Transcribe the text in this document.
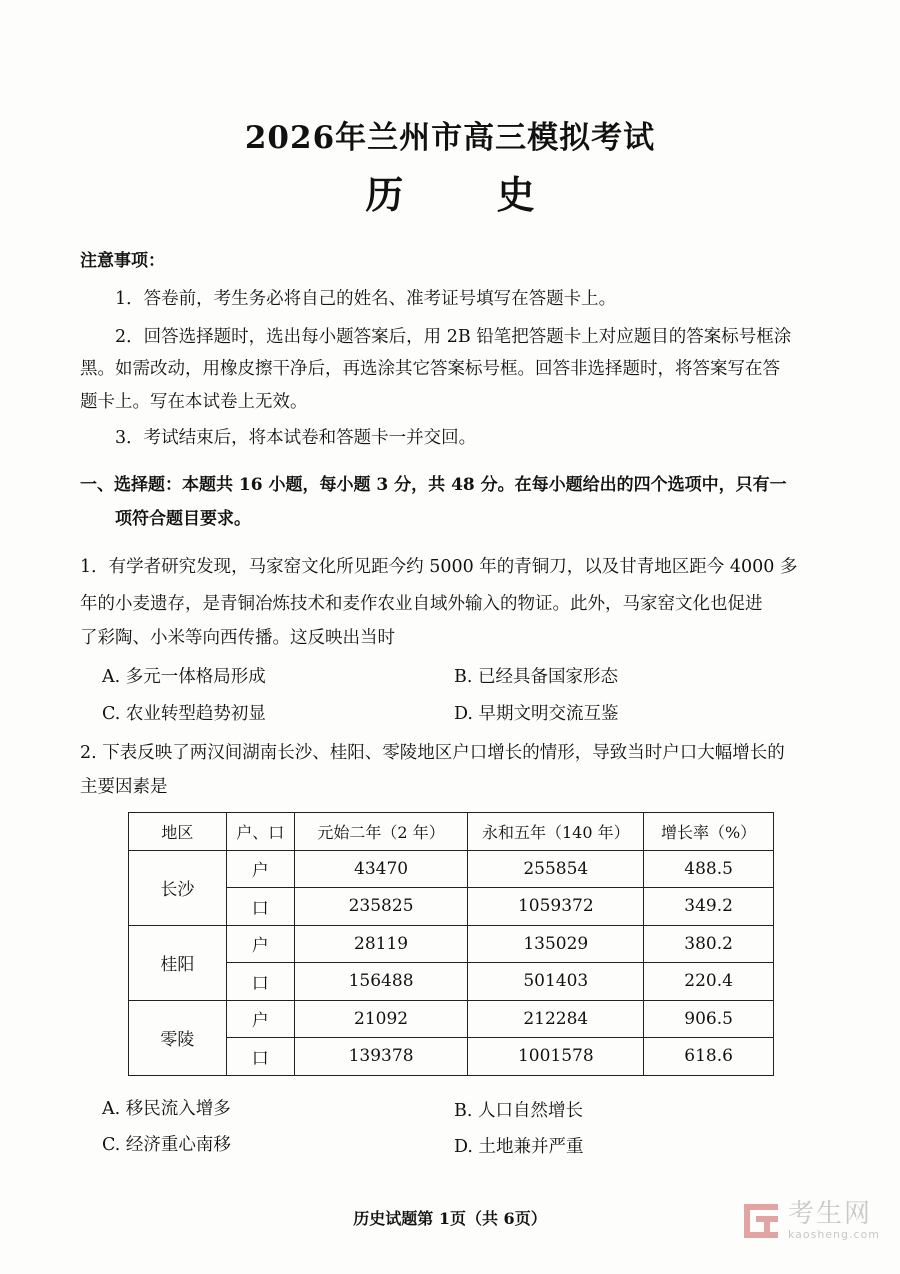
2026年兰州市高三模拟考试
历 史
注意事项：
1．答卷前，考生务必将自己的姓名、准考证号填写在答题卡上。
2．回答选择题时，选出每小题答案后，用 2B 铅笔把答题卡上对应题目的答案标号框涂
黑。如需改动，用橡皮擦干净后，再选涂其它答案标号框。回答非选择题时，将答案写在答
题卡上。写在本试卷上无效。
3．考试结束后，将本试卷和答题卡一并交回。
一、选择题：本题共 16 小题，每小题 3 分，共 48 分。在每小题给出的四个选项中，只有一
项符合题目要求。
1．有学者研究发现，马家窑文化所见距今约 5000 年的青铜刀，以及甘青地区距今 4000 多
年的小麦遗存，是青铜冶炼技术和麦作农业自域外输入的物证。此外，马家窑文化也促进
了彩陶、小米等向西传播。这反映出当时
A. 多元一体格局形成	B. 已经具备国家形态
C. 农业转型趋势初显	D. 早期文明交流互鉴
2. 下表反映了两汉间湖南长沙、桂阳、零陵地区户口增长的情形，导致当时户口大幅增长的
主要因素是
地区	户、口	元始二年（2 年）	永和五年（140 年）	增长率（%）
长沙	户	43470	255854	488.5
	口	235825	1059372	349.2
桂阳	户	28119	135029	380.2
	口	156488	501403	220.4
零陵	户	21092	212284	906.5
	口	139378	1001578	618.6
A. 移民流入增多	B. 人口自然增长
C. 经济重心南移	D. 土地兼并严重
历史试题第 1页（共 6页）	考生网
kaosheng.com
